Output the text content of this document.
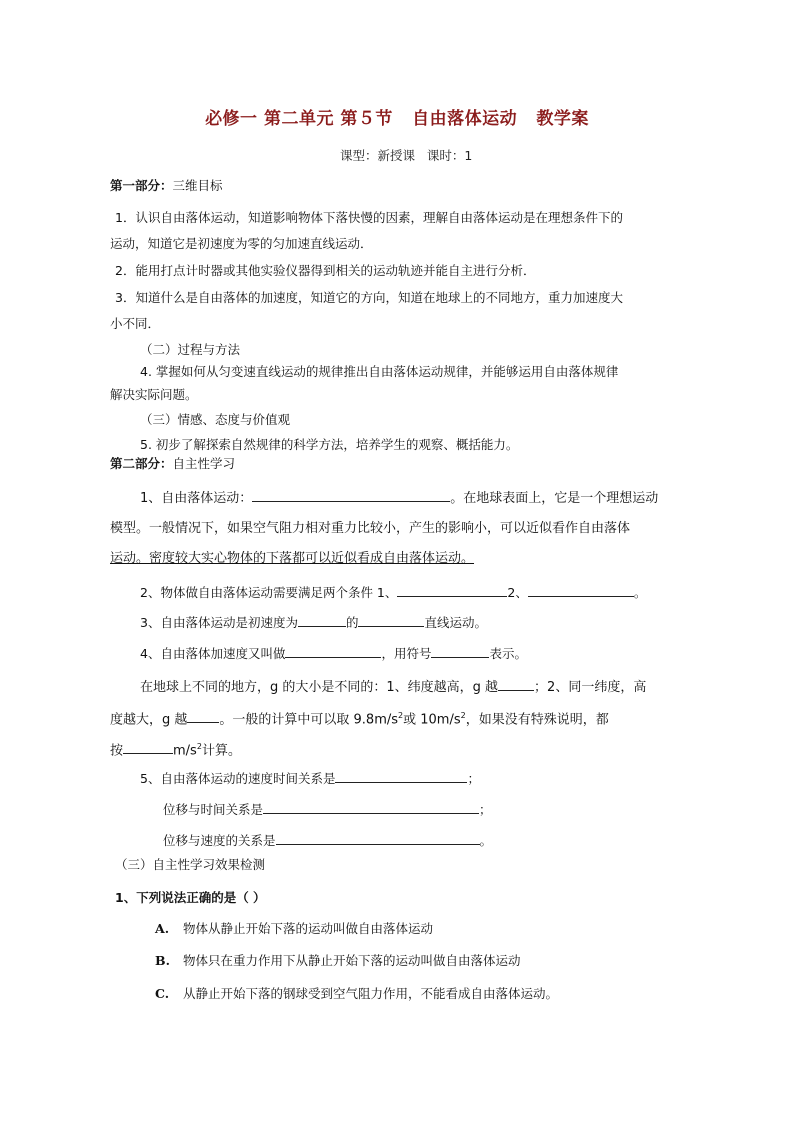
必修一 第二单元 第５节   自由落体运动   教学案
课型：新授课   课时：1
第一部分：三维目标
1．认识自由落体运动，知道影响物体下落快慢的因素，理解自由落体运动是在理想条件下的
运动，知道它是初速度为零的匀加速直线运动．
2．能用打点计时器或其他实验仪器得到相关的运动轨迹并能自主进行分析．
3．知道什么是自由落体的加速度，知道它的方向，知道在地球上的不同地方，重力加速度大
小不同．
（二）过程与方法
4. 掌握如何从匀变速直线运动的规律推出自由落体运动规律，并能够运用自由落体规律
解决实际问题。
（三）情感、态度与价值观
5. 初步了解探索自然规律的科学方法，培养学生的观察、概括能力。
第二部分：自主性学习
1、自由落体运动：	。在地球表面上，它是一个理想运动
模型。一般情况下，如果空气阻力相对重力比较小，产生的影响小，可以近似看作自由落体
运动。密度较大实心物体的下落都可以近似看成自由落体运动。
2、物体做自由落体运动需要满足两个条件 1、	2、	。
3、自由落体运动是初速度为	的	直线运动。
4、自由落体加速度又叫做	，用符号	表示。
在地球上不同的地方，g 的大小是不同的：1、纬度越高，g 越	；2、同一纬度，高
度越大，g 越 。一般的计算中可以取 $9.8m/s^2$或 $10m/s^2$，如果没有特殊说明，都
按	$m/s^2$计算。
5、自由落体运动的速度时间关系是	；
位移与时间关系是	；
位移与速度的关系是	。
（三）自主性学习效果检测
1、下列说法正确的是（ ）
A. 物体从静止开始下落的运动叫做自由落体运动
B. 物体只在重力作用下从静止开始下落的运动叫做自由落体运动
C. 从静止开始下落的钢球受到空气阻力作用，不能看成自由落体运动。
